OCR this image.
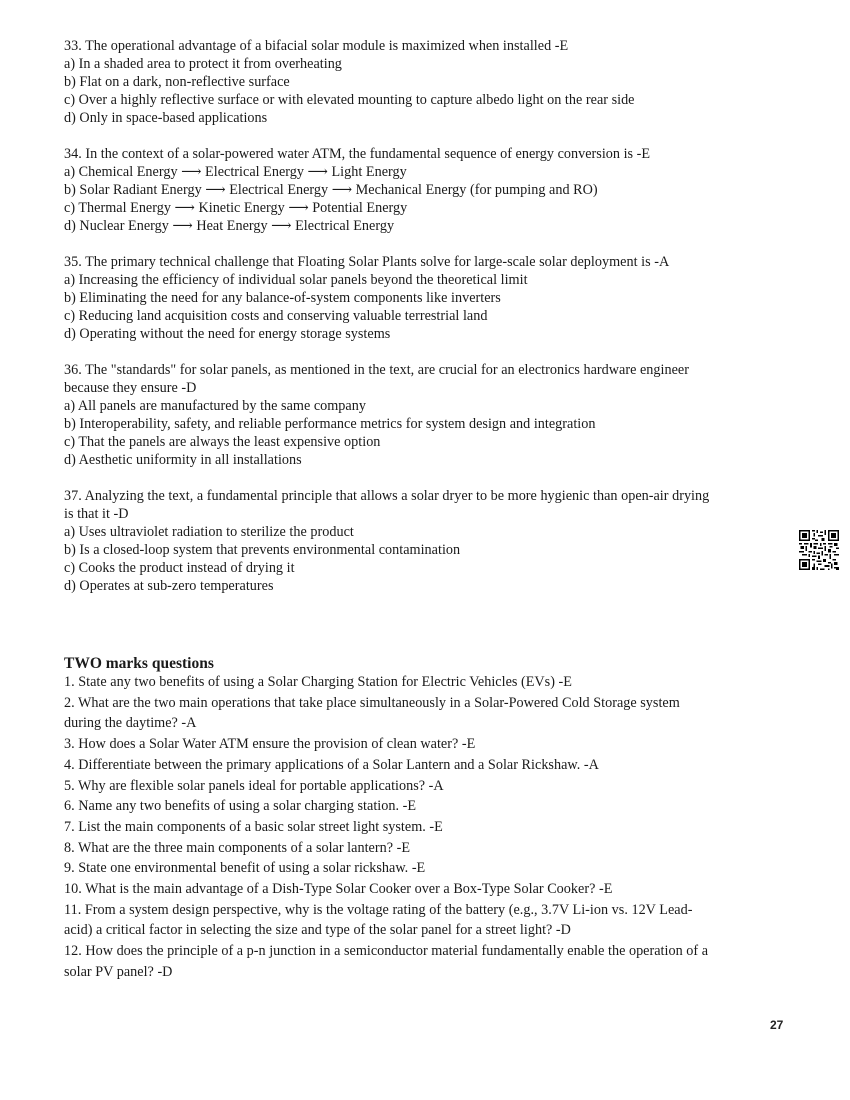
33. The operational advantage of a bifacial solar module is maximized when installed -E
a) In a shaded area to protect it from overheating
b) Flat on a dark, non-reflective surface
c) Over a highly reflective surface or with elevated mounting to capture albedo light on the rear side
d) Only in space-based applications
34. In the context of a solar-powered water ATM, the fundamental sequence of energy conversion is -E
a) Chemical Energy ⟶ Electrical Energy ⟶ Light Energy
b) Solar Radiant Energy ⟶ Electrical Energy ⟶ Mechanical Energy (for pumping and RO)
c) Thermal Energy ⟶ Kinetic Energy ⟶ Potential Energy
d) Nuclear Energy ⟶ Heat Energy ⟶ Electrical Energy
35. The primary technical challenge that Floating Solar Plants solve for large-scale solar deployment is -A
a) Increasing the efficiency of individual solar panels beyond the theoretical limit
b) Eliminating the need for any balance-of-system components like inverters
c) Reducing land acquisition costs and conserving valuable terrestrial land
d) Operating without the need for energy storage systems
36. The "standards" for solar panels, as mentioned in the text, are crucial for an electronics hardware engineer
because they ensure -D
a) All panels are manufactured by the same company
b) Interoperability, safety, and reliable performance metrics for system design and integration
c) That the panels are always the least expensive option
d) Aesthetic uniformity in all installations
37. Analyzing the text, a fundamental principle that allows a solar dryer to be more hygienic than open-air drying
is that it -D
a) Uses ultraviolet radiation to sterilize the product
b) Is a closed-loop system that prevents environmental contamination
c) Cooks the product instead of drying it
d) Operates at sub-zero temperatures
TWO marks questions
1. State any two benefits of using a Solar Charging Station for Electric Vehicles (EVs) -E
2. What are the two main operations that take place simultaneously in a Solar-Powered Cold Storage system
during the daytime? -A
3. How does a Solar Water ATM ensure the provision of clean water? -E
4. Differentiate between the primary applications of a Solar Lantern and a Solar Rickshaw. -A
5. Why are flexible solar panels ideal for portable applications? -A
6. Name any two benefits of using a solar charging station. -E
7. List the main components of a basic solar street light system. -E
8. What are the three main components of a solar lantern? -E
9. State one environmental benefit of using a solar rickshaw. -E
10. What is the main advantage of a Dish-Type Solar Cooker over a Box-Type Solar Cooker? -E
11. From a system design perspective, why is the voltage rating of the battery (e.g., 3.7V Li-ion vs. 12V Lead-
acid) a critical factor in selecting the size and type of the solar panel for a street light? -D
12. How does the principle of a p-n junction in a semiconductor material fundamentally enable the operation of a
solar PV panel? -D
27
